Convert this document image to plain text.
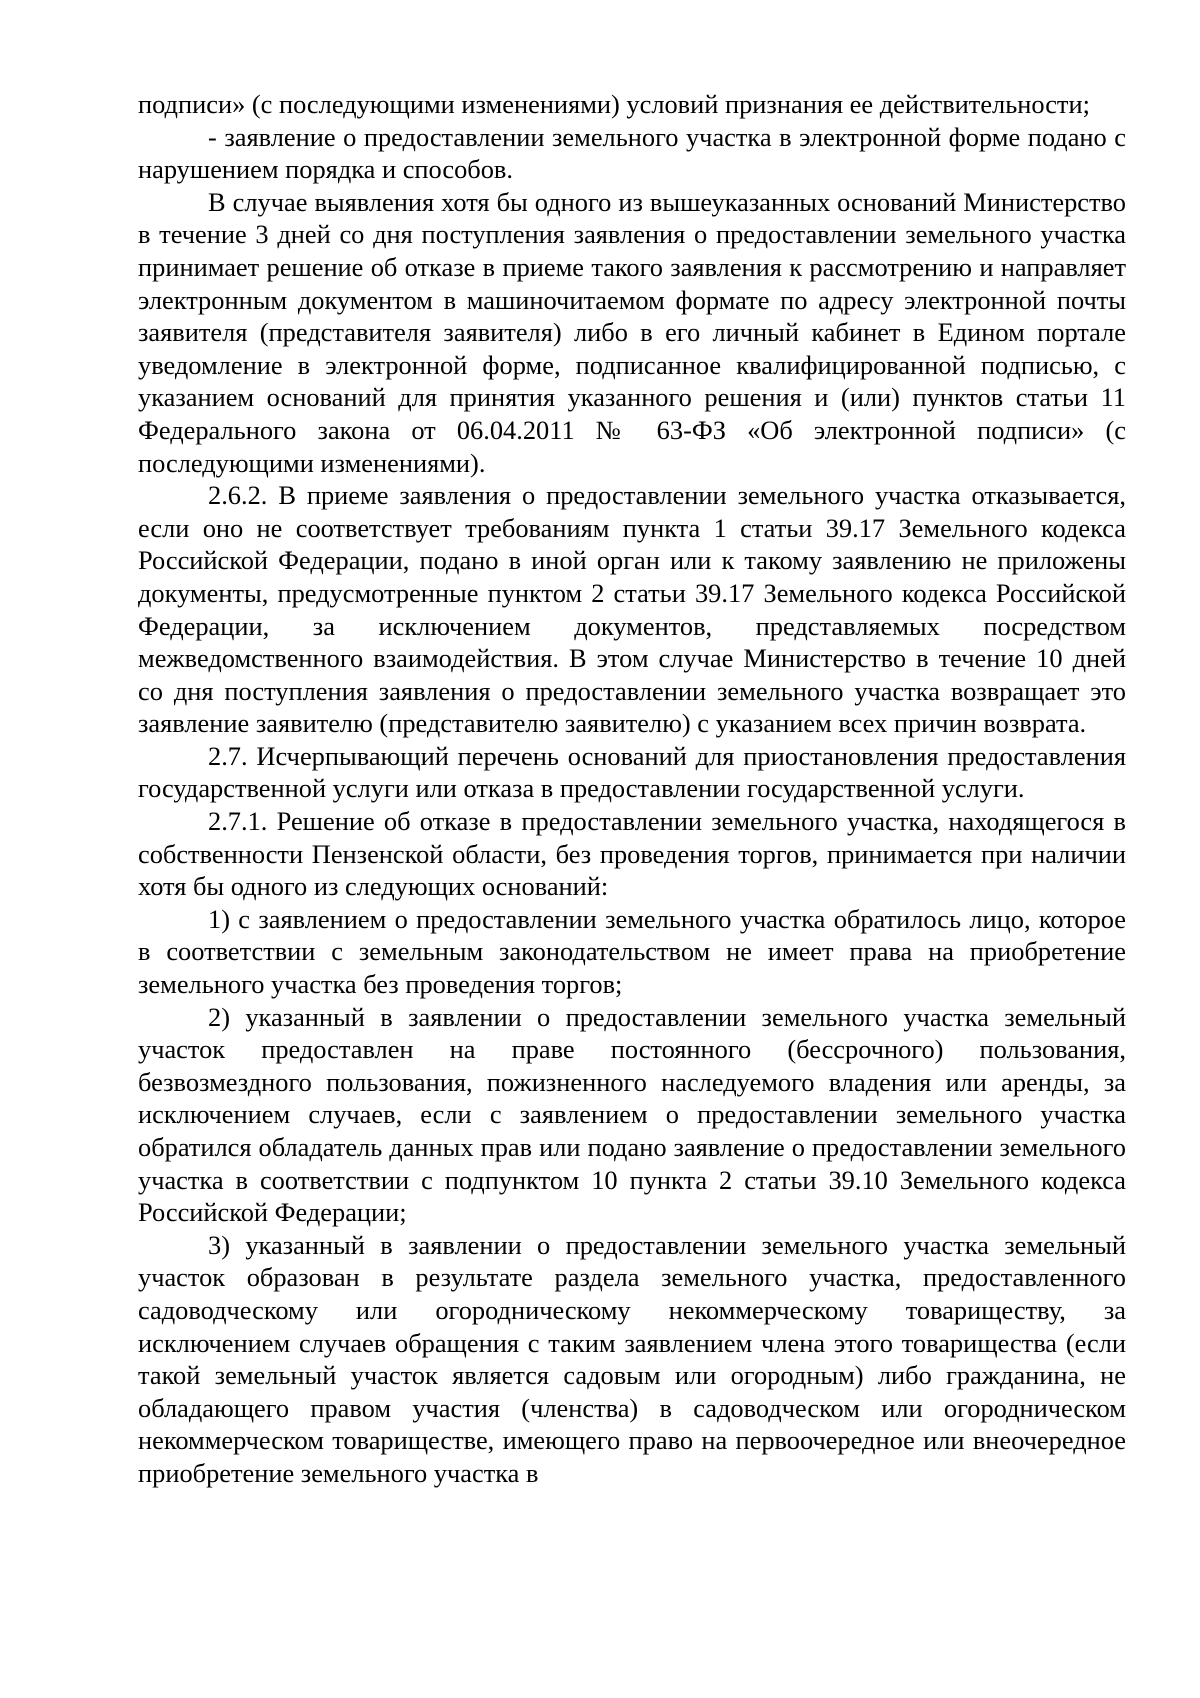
подписи» (с последующими изменениями) условий признания ее действительности;

- заявление о предоставлении земельного участка в электронной форме подано с нарушением порядка и способов.

В случае выявления хотя бы одного из вышеуказанных оснований Министерство в течение 3 дней со дня поступления заявления о предоставлении земельного участка принимает решение об отказе в приеме такого заявления к рассмотрению и направляет электронным документом в машиночитаемом формате по адресу электронной почты заявителя (представителя заявителя) либо в его личный кабинет в Едином портале уведомление в электронной форме, подписанное квалифицированной подписью, с указанием оснований для принятия указанного решения и (или) пунктов статьи 11 Федерального закона от 06.04.2011 № 63-ФЗ «Об электронной подписи» (с последующими изменениями).

2.6.2. В приеме заявления о предоставлении земельного участка отказывается, если оно не соответствует требованиям пункта 1 статьи 39.17 Земельного кодекса Российской Федерации, подано в иной орган или к такому заявлению не приложены документы, предусмотренные пунктом 2 статьи 39.17 Земельного кодекса Российской Федерации, за исключением документов, представляемых посредством межведомственного взаимодействия. В этом случае Министерство в течение 10 дней со дня поступления заявления о предоставлении земельного участка возвращает это заявление заявителю (представителю заявителю) с указанием всех причин возврата.

2.7. Исчерпывающий перечень оснований для приостановления предоставления государственной услуги или отказа в предоставлении государственной услуги.

2.7.1. Решение об отказе в предоставлении земельного участка, находящегося в собственности Пензенской области, без проведения торгов, принимается при наличии хотя бы одного из следующих оснований:

1) с заявлением о предоставлении земельного участка обратилось лицо, которое в соответствии с земельным законодательством не имеет права на приобретение земельного участка без проведения торгов;

2) указанный в заявлении о предоставлении земельного участка земельный участок предоставлен на праве постоянного (бессрочного) пользования, безвозмездного пользования, пожизненного наследуемого владения или аренды, за исключением случаев, если с заявлением о предоставлении земельного участка обратился обладатель данных прав или подано заявление о предоставлении земельного участка в соответствии с подпунктом 10 пункта 2 статьи 39.10 Земельного кодекса Российской Федерации;

3) указанный в заявлении о предоставлении земельного участка земельный участок образован в результате раздела земельного участка, предоставленного садоводческому или огородническому некоммерческому товариществу, за исключением случаев обращения с таким заявлением члена этого товарищества (если такой земельный участок является садовым или огородным) либо гражданина, не обладающего правом участия (членства) в садоводческом или огородническом некоммерческом товариществе, имеющего право на первоочередное или внеочередное приобретение земельного участка в
